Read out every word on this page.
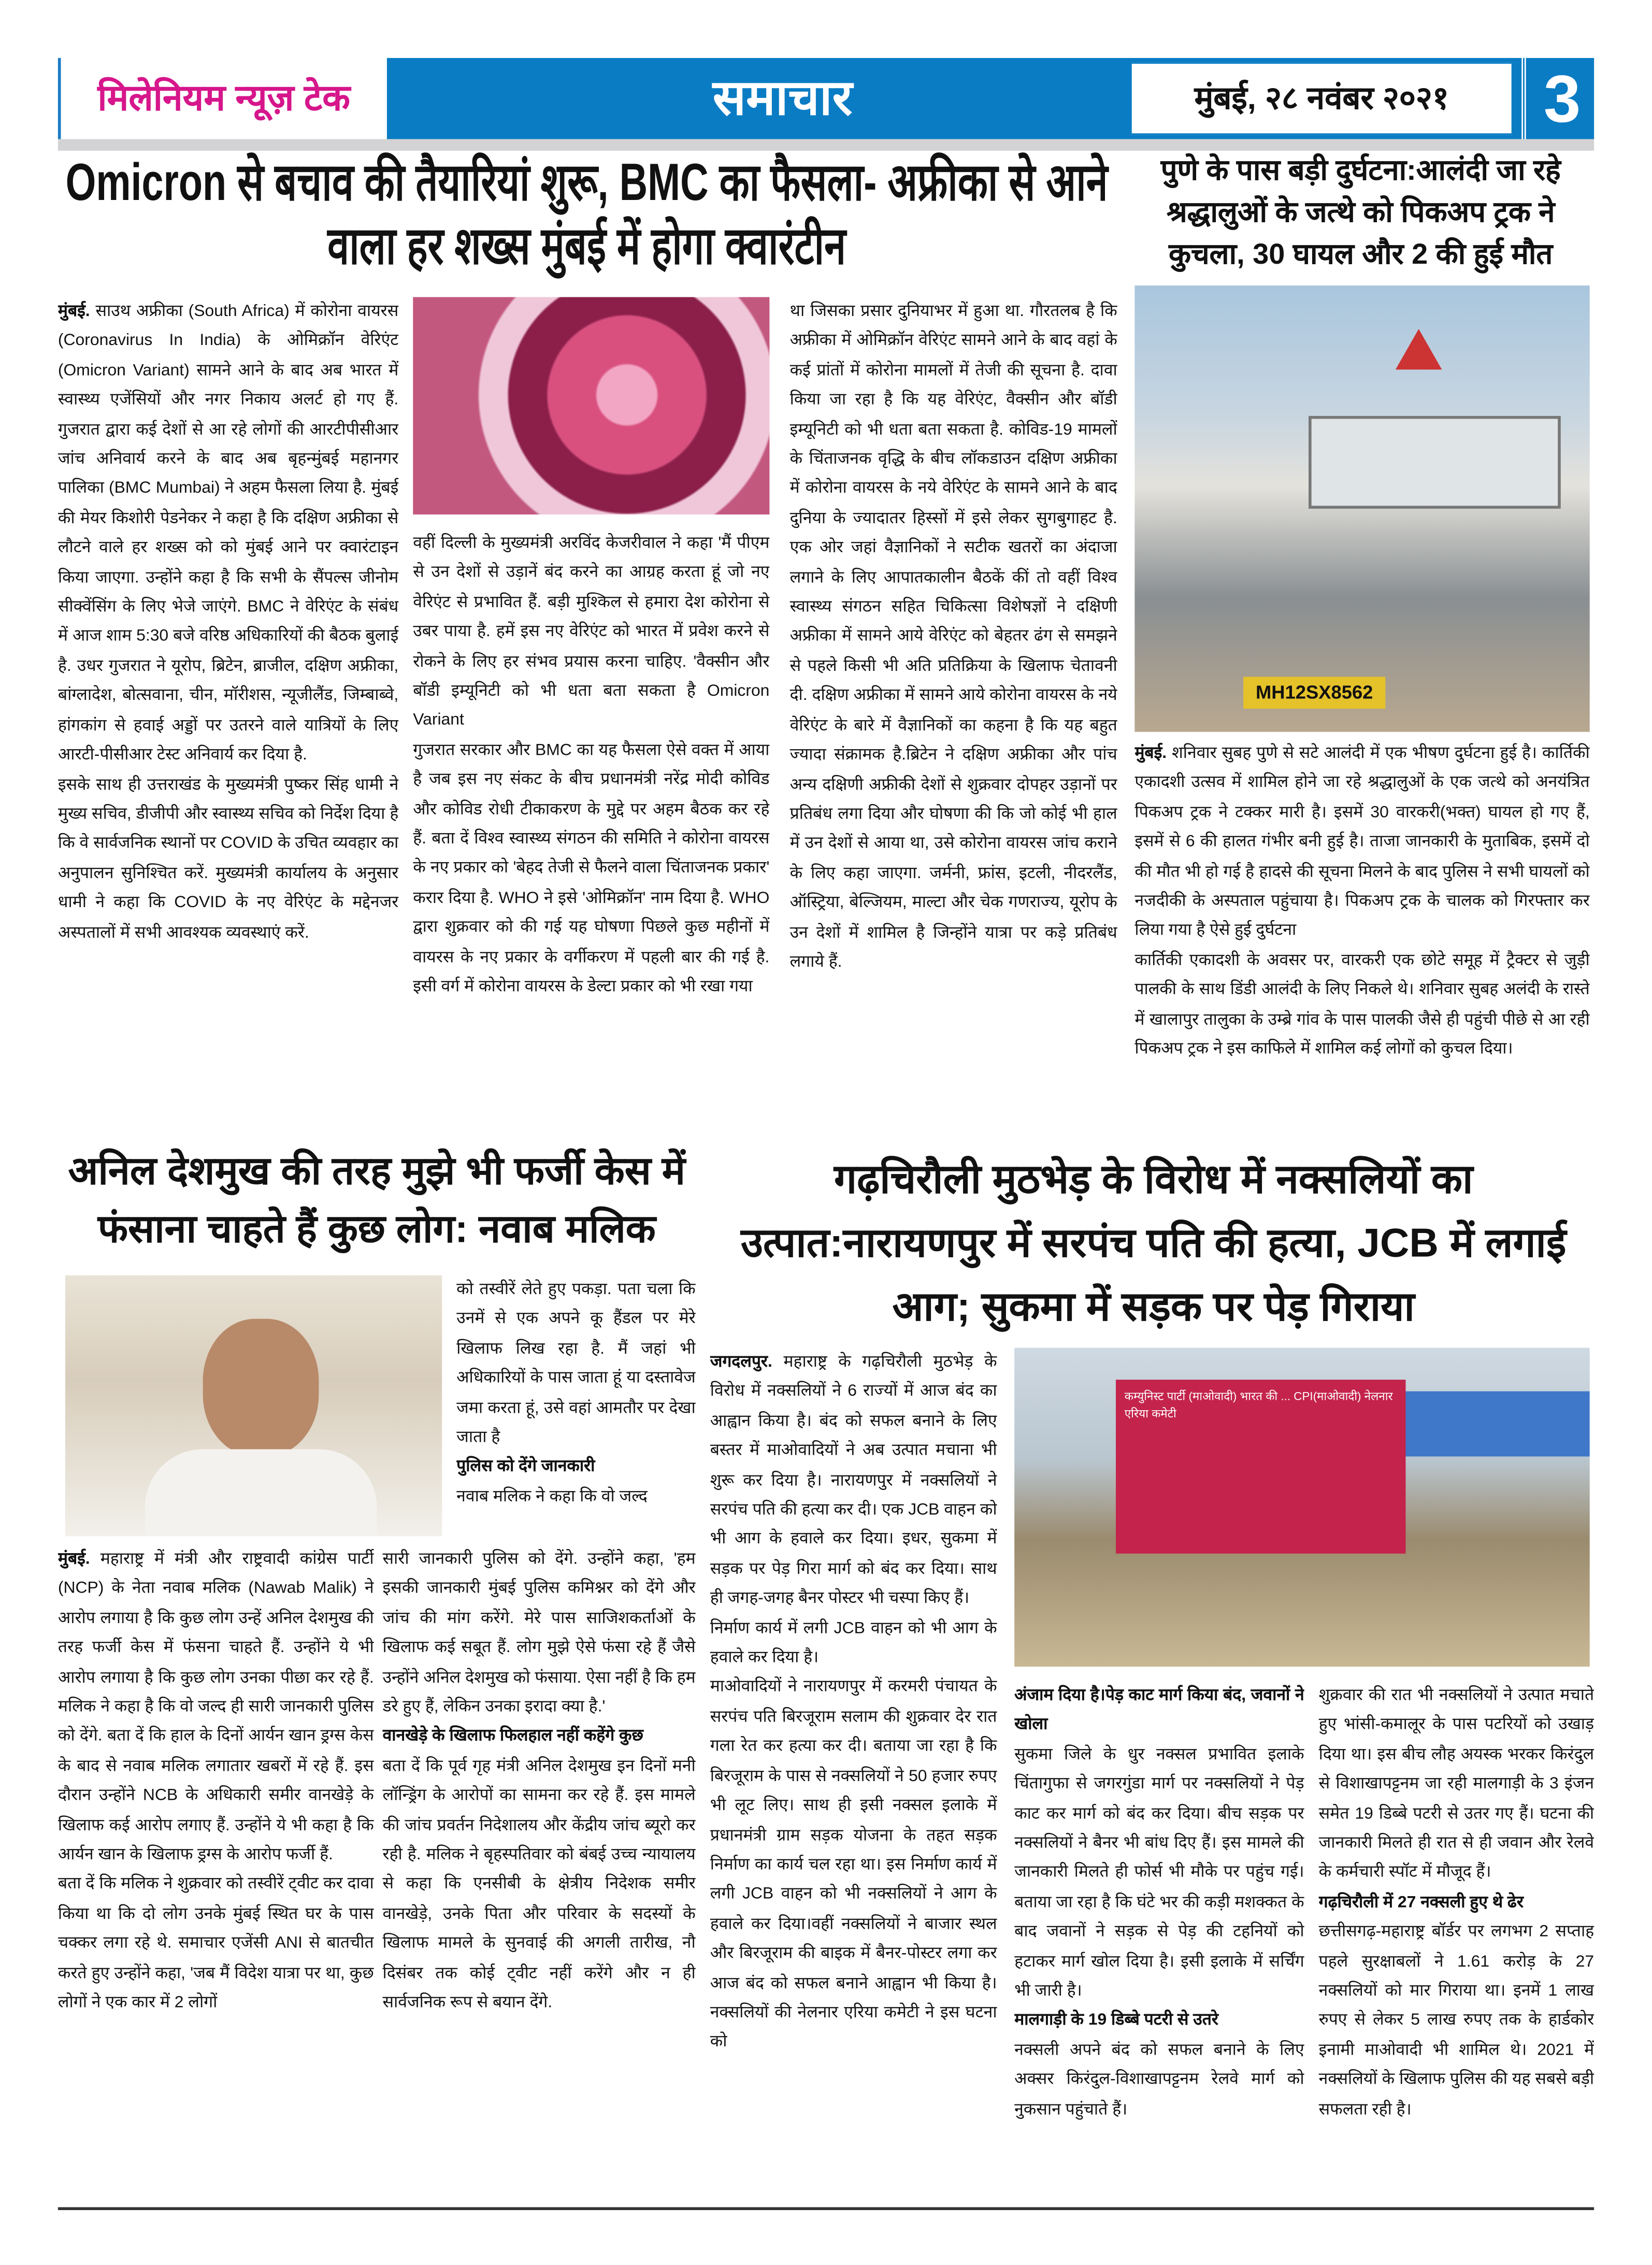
मिलेनियम न्यूज़ टेक	समाचार	मुंबई, २८ नवंबर २०२१	3
Omicron से बचाव की तैयारियां शुरू, BMC का फैसला- अफ्रीका से आने वाला हर शख्स मुंबई में होगा क्वारंटीन

मुंबई. साउथ अफ्रीका (South Africa) में कोरोना वायरस (Coronavirus In India) के ओमिक्रॉन वेरिएंट (Omicron Variant) सामने आने के बाद अब भारत में स्वास्थ्य एजेंसियों और नगर निकाय अलर्ट हो गए हैं. गुजरात द्वारा कई देशों से आ रहे लोगों की आरटीपीसीआर जांच अनिवार्य करने के बाद अब बृहन्मुंबई महानगर पालिका (BMC Mumbai) ने अहम फैसला लिया है. मुंबई की मेयर किशोरी पेडनेकर ने कहा है कि दक्षिण अफ्रीका से लौटने वाले हर शख्स को को मुंबई आने पर क्वारंटाइन किया जाएगा. उन्होंने कहा है कि सभी के सैंपल्स जीनोम सीक्वेंसिंग के लिए भेजे जाएंगे. BMC ने वेरिएंट के संबंध में आज शाम 5:30 बजे वरिष्ठ अधिकारियों की बैठक बुलाई है. उधर गुजरात ने यूरोप, ब्रिटेन, ब्राजील, दक्षिण अफ्रीका, बांग्लादेश, बोत्सवाना, चीन, मॉरीशस, न्यूजीलैंड, जिम्बाब्वे, हांगकांग से हवाई अड्डों पर उतरने वाले यात्रियों के लिए आरटी-पीसीआर टेस्ट अनिवार्य कर दिया है.

इसके साथ ही उत्तराखंड के मुख्यमंत्री पुष्कर सिंह धामी ने मुख्य सचिव, डीजीपी और स्वास्थ्य सचिव को निर्देश दिया है कि वे सार्वजनिक स्थानों पर COVID के उचित व्यवहार का अनुपालन सुनिश्चित करें. मुख्यमंत्री कार्यालय के अनुसार धामी ने कहा कि COVID के नए वेरिएंट के मद्देनजर अस्पतालों में सभी आवश्यक व्यवस्थाएं करें.

वहीं दिल्ली के मुख्यमंत्री अरविंद केजरीवाल ने कहा 'मैं पीएम से उन देशों से उड़ानें बंद करने का आग्रह करता हूं जो नए वेरिएंट से प्रभावित हैं. बड़ी मुश्किल से हमारा देश कोरोना से उबर पाया है. हमें इस नए वेरिएंट को भारत में प्रवेश करने से रोकने के लिए हर संभव प्रयास करना चाहिए. 'वैक्सीन और बॉडी इम्यूनिटी को भी धता बता सकता है Omicron Variant

गुजरात सरकार और BMC का यह फैसला ऐसे वक्त में आया है जब इस नए संकट के बीच प्रधानमंत्री नरेंद्र मोदी कोविड और कोविड रोधी टीकाकरण के मुद्दे पर अहम बैठक कर रहे हैं. बता दें विश्व स्वास्थ्य संगठन की समिति ने कोरोना वायरस के नए प्रकार को 'बेहद तेजी से फैलने वाला चिंताजनक प्रकार' करार दिया है. WHO ने इसे 'ओमिक्रॉन' नाम दिया है. WHO द्वारा शुक्रवार को की गई यह घोषणा पिछले कुछ महीनों में वायरस के नए प्रकार के वर्गीकरण में पहली बार की गई है. इसी वर्ग में कोरोना वायरस के डेल्टा प्रकार को भी रखा गया

था जिसका प्रसार दुनियाभर में हुआ था. गौरतलब है कि अफ्रीका में ओमिक्रॉन वेरिएंट सामने आने के बाद वहां के कई प्रांतों में कोरोना मामलों में तेजी की सूचना है. दावा किया जा रहा है कि यह वेरिएंट, वैक्सीन और बॉडी इम्यूनिटी को भी धता बता सकता है. कोविड-19 मामलों के चिंताजनक वृद्धि के बीच लॉकडाउन दक्षिण अफ्रीका में कोरोना वायरस के नये वेरिएंट के सामने आने के बाद दुनिया के ज्यादातर हिस्सों में इसे लेकर सुगबुगाहट है. एक ओर जहां वैज्ञानिकों ने सटीक खतरों का अंदाजा लगाने के लिए आपातकालीन बैठकें कीं तो वहीं विश्व स्वास्थ्य संगठन सहित चिकित्सा विशेषज्ञों ने दक्षिणी अफ्रीका में सामने आये वेरिएंट को बेहतर ढंग से समझने से पहले किसी भी अति प्रतिक्रिया के खिलाफ चेतावनी दी. दक्षिण अफ्रीका में सामने आये कोरोना वायरस के नये वेरिएंट के बारे में वैज्ञानिकों का कहना है कि यह बहुत ज्यादा संक्रामक है.ब्रिटेन ने दक्षिण अफ्रीका और पांच अन्य दक्षिणी अफ्रीकी देशों से शुक्रवार दोपहर उड़ानों पर प्रतिबंध लगा दिया और घोषणा की कि जो कोई भी हाल में उन देशों से आया था, उसे कोरोना वायरस जांच कराने के लिए कहा जाएगा. जर्मनी, फ्रांस, इटली, नीदरलैंड, ऑस्ट्रिया, बेल्जियम, माल्टा और चेक गणराज्य, यूरोप के उन देशों में शामिल है जिन्होंने यात्रा पर कड़े प्रतिबंध लगाये हैं.

पुणे के पास बड़ी दुर्घटना:आलंदी जा रहे श्रद्धालुओं के जत्थे को पिकअप ट्रक ने कुचला, 30 घायल और 2 की हुई मौत
MH12SX8562

मुंबई. शनिवार सुबह पुणे से सटे आलंदी में एक भीषण दुर्घटना हुई है। कार्तिकी एकादशी उत्सव में शामिल होने जा रहे श्रद्धालुओं के एक जत्थे को अनयंत्रित पिकअप ट्रक ने टक्कर मारी है। इसमें 30 वारकरी(भक्त) घायल हो गए हैं, इसमें से 6 की हालत गंभीर बनी हुई है। ताजा जानकारी के मुताबिक, इसमें दो की मौत भी हो गई है हादसे की सूचना मिलने के बाद पुलिस ने सभी घायलों को नजदीकी के अस्पताल पहुंचाया है। पिकअप ट्रक के चालक को गिरफ्तार कर लिया गया है ऐसे हुई दुर्घटना

कार्तिकी एकादशी के अवसर पर, वारकरी एक छोटे समूह में ट्रैक्टर से जुड़ी पालकी के साथ डिंडी आलंदी के लिए निकले थे। शनिवार सुबह अलंदी के रास्ते में खालापुर तालुका के उम्ब्रे गांव के पास पालकी जैसे ही पहुंची पीछे से आ रही पिकअप ट्रक ने इस काफिले में शामिल कई लोगों को कुचल दिया।

अनिल देशमुख की तरह मुझे भी फर्जी केस में फंसाना चाहते हैं कुछ लोग: नवाब मलिक

को तस्वीरें लेते हुए पकड़ा. पता चला कि उनमें से एक अपने कू हैंडल पर मेरे खिलाफ लिख रहा है. मैं जहां भी अधिकारियों के पास जाता हूं या दस्तावेज जमा करता हूं, उसे वहां आमतौर पर देखा जाता है

पुलिस को देंगे जानकारी

नवाब मलिक ने कहा कि वो जल्द

मुंबई. महाराष्ट्र में मंत्री और राष्ट्रवादी कांग्रेस पार्टी (NCP) के नेता नवाब मलिक (Nawab Malik) ने आरोप लगाया है कि कुछ लोग उन्हें अनिल देशमुख की तरह फर्जी केस में फंसना चाहते हैं. उन्होंने ये भी आरोप लगाया है कि कुछ लोग उनका पीछा कर रहे हैं. मलिक ने कहा है कि वो जल्द ही सारी जानकारी पुलिस को देंगे. बता दें कि हाल के दिनों आर्यन खान ड्रग्स केस के बाद से नवाब मलिक लगातार खबरों में रहे हैं. इस दौरान उन्होंने NCB के अधिकारी समीर वानखेड़े के खिलाफ कई आरोप लगाए हैं. उन्होंने ये भी कहा है कि आर्यन खान के खिलाफ ड्रग्स के आरोप फर्जी हैं.

बता दें कि मलिक ने शुक्रवार को तस्वीरें ट्वीट कर दावा किया था कि दो लोग उनके मुंबई स्थित घर के पास चक्कर लगा रहे थे. समाचार एजेंसी ANI से बातचीत करते हुए उन्होंने कहा, 'जब मैं विदेश यात्रा पर था, कुछ लोगों ने एक कार में 2 लोगों

सारी जानकारी पुलिस को देंगे. उन्होंने कहा, 'हम इसकी जानकारी मुंबई पुलिस कमिश्नर को देंगे और जांच की मांग करेंगे. मेरे पास साजिशकर्ताओं के खिलाफ कई सबूत हैं. लोग मुझे ऐसे फंसा रहे हैं जैसे उन्होंने अनिल देशमुख को फंसाया. ऐसा नहीं है कि हम डरे हुए हैं, लेकिन उनका इरादा क्या है.'

वानखेड़े के खिलाफ फिलहाल नहीं कहेंगे कुछ

बता दें कि पूर्व गृह मंत्री अनिल देशमुख इन दिनों मनी लॉन्ड्रिंग के आरोपों का सामना कर रहे हैं. इस मामले की जांच प्रवर्तन निदेशालय और केंद्रीय जांच ब्यूरो कर रही है. मलिक ने बृहस्पतिवार को बंबई उच्च न्यायालय से कहा कि एनसीबी के क्षेत्रीय निदेशक समीर वानखेड़े, उनके पिता और परिवार के सदस्यों के खिलाफ मामले के सुनवाई की अगली तारीख, नौ दिसंबर तक कोई ट्वीट नहीं करेंगे और न ही सार्वजनिक रूप से बयान देंगे.

गढ़चिरौली मुठभेड़ के विरोध में नक्सलियों का उत्पात:नारायणपुर में सरपंच पति की हत्या, JCB में लगाई आग; सुकमा में सड़क पर पेड़ गिराया

जगदलपुर. महाराष्ट्र के गढ़चिरौली मुठभेड़ के विरोध में नक्सलियों ने 6 राज्यों में आज बंद का आह्वान किया है। बंद को सफल बनाने के लिए बस्तर में माओवादियों ने अब उत्पात मचाना भी शुरू कर दिया है। नारायणपुर में नक्सलियों ने सरपंच पति की हत्या कर दी। एक JCB वाहन को भी आग के हवाले कर दिया। इधर, सुकमा में सड़क पर पेड़ गिरा मार्ग को बंद कर दिया। साथ ही जगह-जगह बैनर पोस्टर भी चस्पा किए हैं।

निर्माण कार्य में लगी JCB वाहन को भी आग के हवाले कर दिया है।

माओवादियों ने नारायणपुर में करमरी पंचायत के सरपंच पति बिरजूराम सलाम की शुक्रवार देर रात गला रेत कर हत्या कर दी। बताया जा रहा है कि बिरजूराम के पास से नक्सलियों ने 50 हजार रुपए भी लूट लिए। साथ ही इसी नक्सल इलाके में प्रधानमंत्री ग्राम सड़क योजना के तहत सड़क निर्माण का कार्य चल रहा था। इस निर्माण कार्य में लगी JCB वाहन को भी नक्सलियों ने आग के हवाले कर दिया।वहीं नक्सलियों ने बाजार स्थल और बिरजूराम की बाइक में बैनर-पोस्टर लगा कर आज बंद को सफल बनाने आह्वान भी किया है। नक्सलियों की नेलनार एरिया कमेटी ने इस घटना को

कम्युनिस्ट पार्टी (माओवादी) भारत की ... CPI(माओवादी) नेलनार एरिया कमेटी

अंजाम दिया है।पेड़ काट मार्ग किया बंद, जवानों ने खोला

सुकमा जिले के धुर नक्सल प्रभावित इलाके चिंतागुफा से जगरगुंडा मार्ग पर नक्सलियों ने पेड़ काट कर मार्ग को बंद कर दिया। बीच सड़क पर नक्सलियों ने बैनर भी बांध दिए हैं। इस मामले की जानकारी मिलते ही फोर्स भी मौके पर पहुंच गई। बताया जा रहा है कि घंटे भर की कड़ी मशक्कत के बाद जवानों ने सड़क से पेड़ की टहनियों को हटाकर मार्ग खोल दिया है। इसी इलाके में सर्चिंग भी जारी है।

मालगाड़ी के 19 डिब्बे पटरी से उतरे

नक्सली अपने बंद को सफल बनाने के लिए अक्सर किरंदुल-विशाखापट्टनम रेलवे मार्ग को नुकसान पहुंचाते हैं।

शुक्रवार की रात भी नक्सलियों ने उत्पात मचाते हुए भांसी-कमालूर के पास पटरियों को उखाड़ दिया था। इस बीच लौह अयस्क भरकर किरंदुल से विशाखापट्टनम जा रही मालगाड़ी के 3 इंजन समेत 19 डिब्बे पटरी से उतर गए हैं। घटना की जानकारी मिलते ही रात से ही जवान और रेलवे के कर्मचारी स्पॉट में मौजूद हैं।

गढ़चिरौली में 27 नक्सली हुए थे ढेर

छत्तीसगढ़-महाराष्ट्र बॉर्डर पर लगभग 2 सप्ताह पहले सुरक्षाबलों ने 1.61 करोड़ के 27 नक्सलियों को मार गिराया था। इनमें 1 लाख रुपए से लेकर 5 लाख रुपए तक के हार्डकोर इनामी माओवादी भी शामिल थे। 2021 में नक्सलियों के खिलाफ पुलिस की यह सबसे बड़ी सफलता रही है।
